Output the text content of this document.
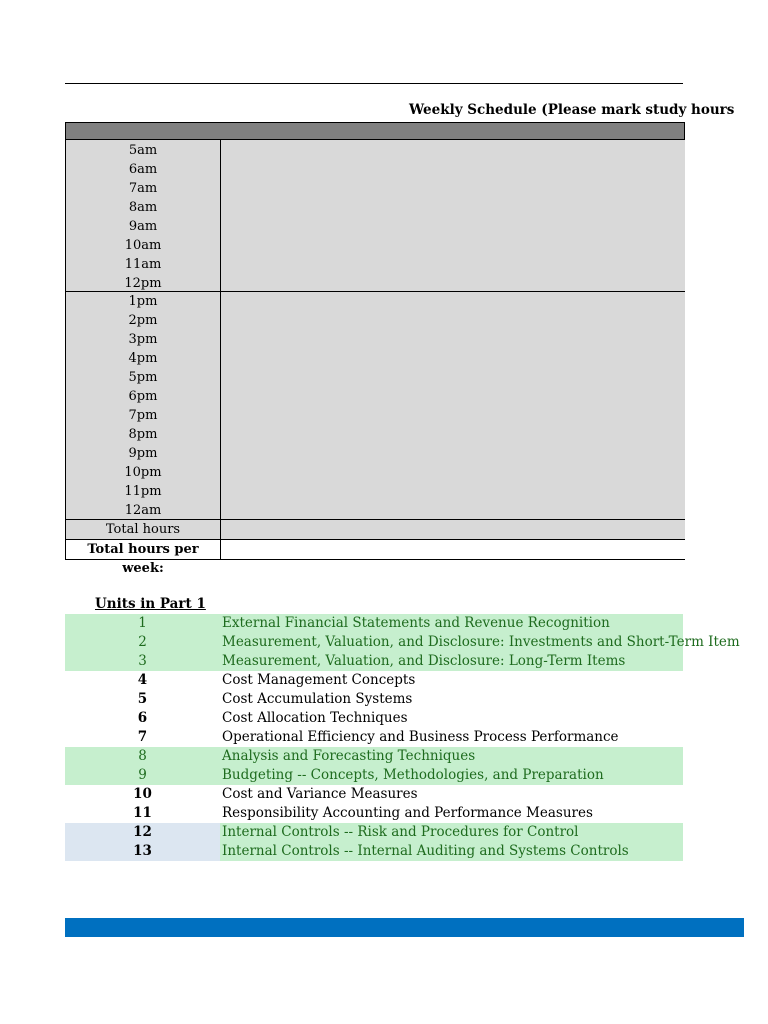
Weekly Schedule (Please mark study hours
5am
6am
7am
8am
9am
10am
11am
12pm
1pm
2pm
3pm
4pm
5pm
6pm
7pm
8pm
9pm
10pm
11pm
12am
Total hours
Total hours per week:
Units in Part 1
1	External Financial Statements and Revenue Recognition
2	Measurement, Valuation, and Disclosure: Investments and Short-Term Item
3	Measurement, Valuation, and Disclosure: Long-Term Items
4	Cost Management Concepts
5	Cost Accumulation Systems
6	Cost Allocation Techniques
7	Operational Efficiency and Business Process Performance
8	Analysis and Forecasting Techniques
9	Budgeting -- Concepts, Methodologies, and Preparation
10	Cost and Variance Measures
11	Responsibility Accounting and Performance Measures
12	Internal Controls -- Risk and Procedures for Control
13	Internal Controls -- Internal Auditing and Systems Controls
